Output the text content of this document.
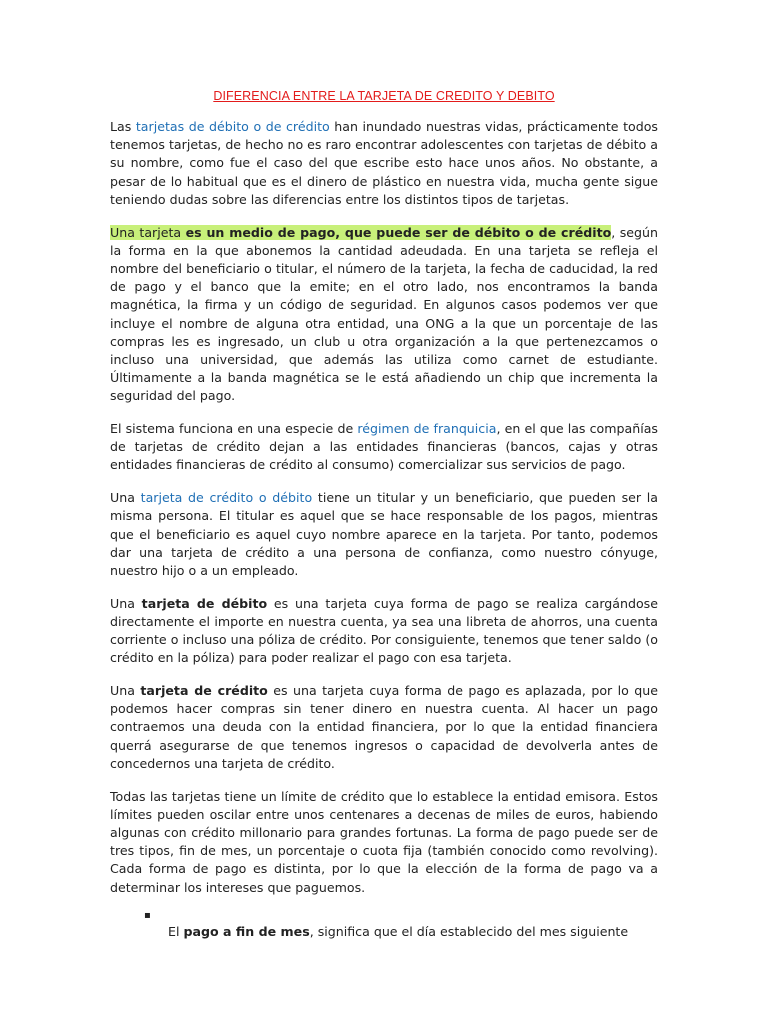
DIFERENCIA ENTRE LA TARJETA DE CREDITO Y DEBITO

Las tarjetas de débito o de crédito han inundado nuestras vidas, prácticamente todos tenemos tarjetas, de hecho no es raro encontrar adolescentes con tarjetas de débito a su nombre, como fue el caso del que escribe esto hace unos años. No obstante, a pesar de lo habitual que es el dinero de plástico en nuestra vida, mucha gente sigue teniendo dudas sobre las diferencias entre los distintos tipos de tarjetas.

Una tarjeta es un medio de pago, que puede ser de débito o de crédito, según la forma en la que abonemos la cantidad adeudada. En una tarjeta se refleja el nombre del beneficiario o titular, el número de la tarjeta, la fecha de caducidad, la red de pago y el banco que la emite; en el otro lado, nos encontramos la banda magnética, la firma y un código de seguridad. En algunos casos podemos ver que incluye el nombre de alguna otra entidad, una ONG a la que un porcentaje de las compras les es ingresado, un club u otra organización a la que pertenezcamos o incluso una universidad, que además las utiliza como carnet de estudiante. Últimamente a la banda magnética se le está añadiendo un chip que incrementa la seguridad del pago.

El sistema funciona en una especie de régimen de franquicia, en el que las compañías de tarjetas de crédito dejan a las entidades financieras (bancos, cajas y otras entidades financieras de crédito al consumo) comercializar sus servicios de pago.

Una tarjeta de crédito o débito tiene un titular y un beneficiario, que pueden ser la misma persona. El titular es aquel que se hace responsable de los pagos, mientras que el beneficiario es aquel cuyo nombre aparece en la tarjeta. Por tanto, podemos dar una tarjeta de crédito a una persona de confianza, como nuestro cónyuge, nuestro hijo o a un empleado.

Una tarjeta de débito es una tarjeta cuya forma de pago se realiza cargándose directamente el importe en nuestra cuenta, ya sea una libreta de ahorros, una cuenta corriente o incluso una póliza de crédito. Por consiguiente, tenemos que tener saldo (o crédito en la póliza) para poder realizar el pago con esa tarjeta.

Una tarjeta de crédito es una tarjeta cuya forma de pago es aplazada, por lo que podemos hacer compras sin tener dinero en nuestra cuenta. Al hacer un pago contraemos una deuda con la entidad financiera, por lo que la entidad financiera querrá asegurarse de que tenemos ingresos o capacidad de devolverla antes de concedernos una tarjeta de crédito.

Todas las tarjetas tiene un límite de crédito que lo establece la entidad emisora. Estos límites pueden oscilar entre unos centenares a decenas de miles de euros, habiendo algunas con crédito millonario para grandes fortunas. La forma de pago puede ser de tres tipos, fin de mes, un porcentaje o cuota fija (también conocido como revolving). Cada forma de pago es distinta, por lo que la elección de la forma de pago va a determinar los intereses que paguemos.

▪
El pago a fin de mes, significa que el día establecido del mes siguiente
